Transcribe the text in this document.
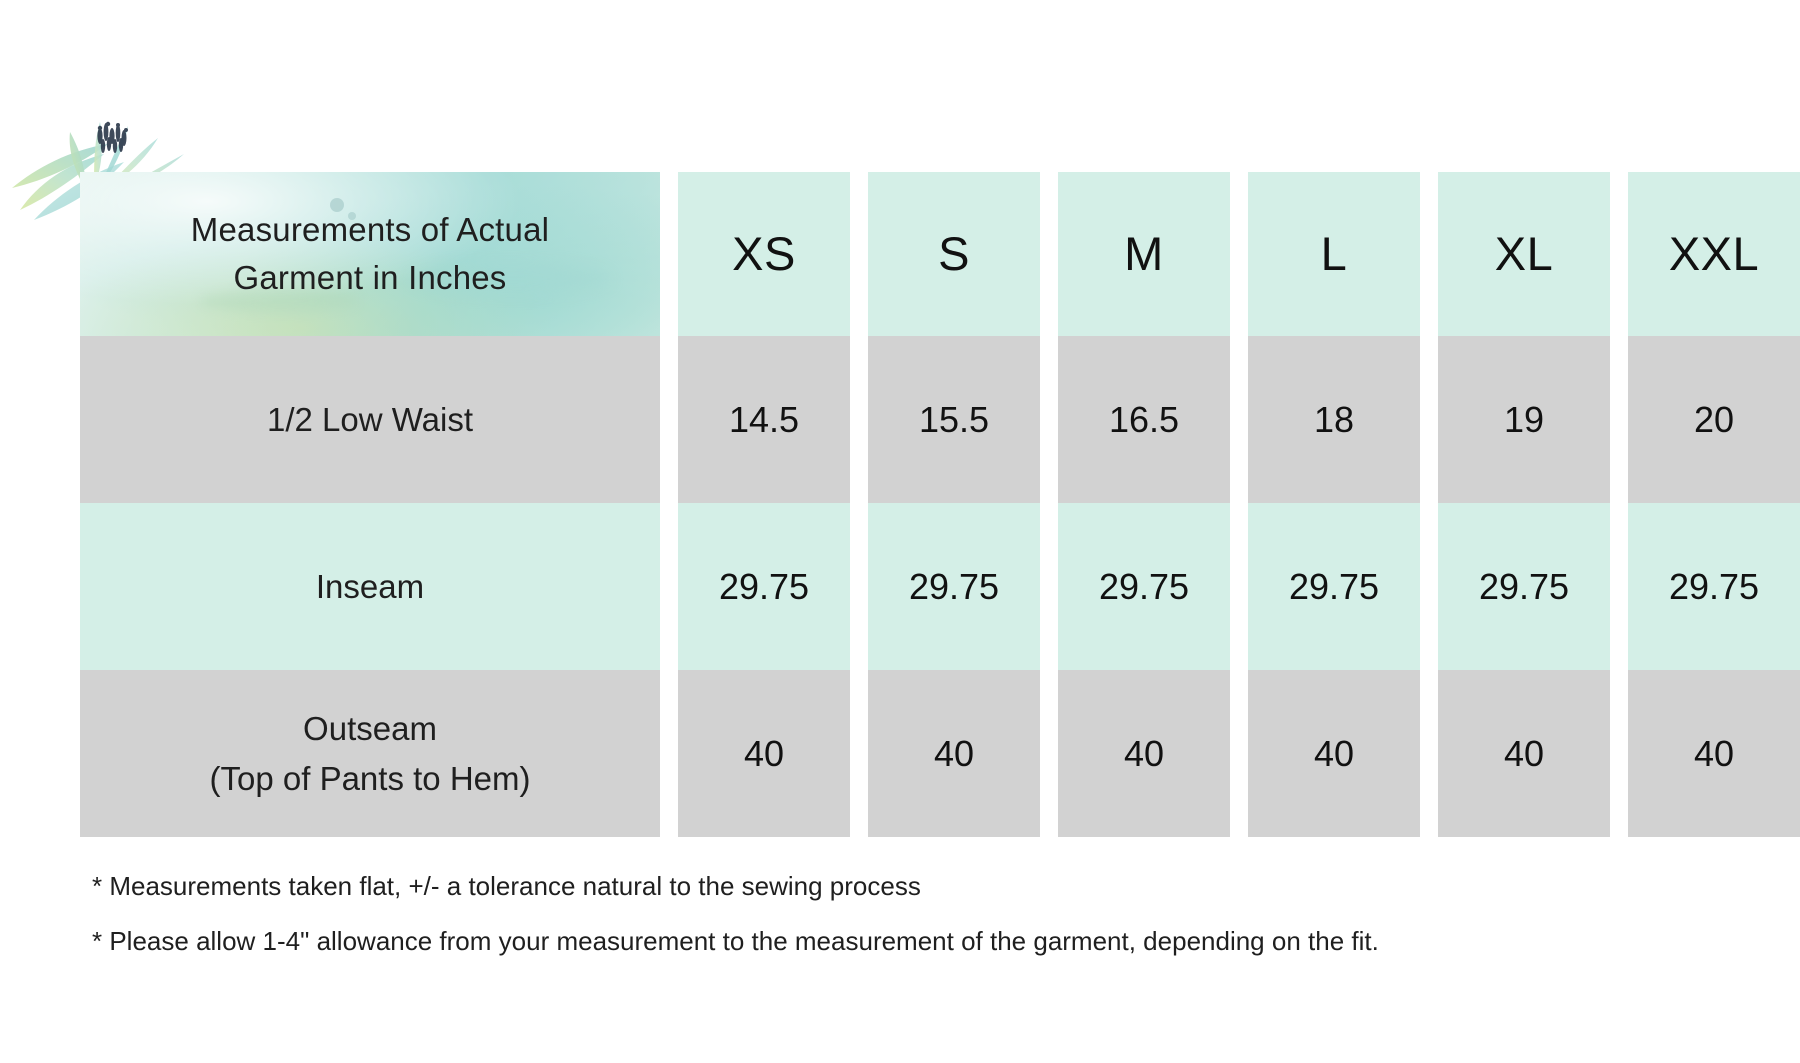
Measurements of Actual
Garment in Inches	XS	S	M	L	XL	XXL
1/2 Low Waist	14.5	15.5	16.5	18	19	20
Inseam	29.75	29.75	29.75	29.75	29.75	29.75
Outseam
(Top of Pants to Hem)
40	40	40	40	40	40
* Measurements taken flat, +/- a tolerance natural to the sewing process
* Please allow 1-4" allowance from your measurement to the measurement of the garment, depending on the fit.
